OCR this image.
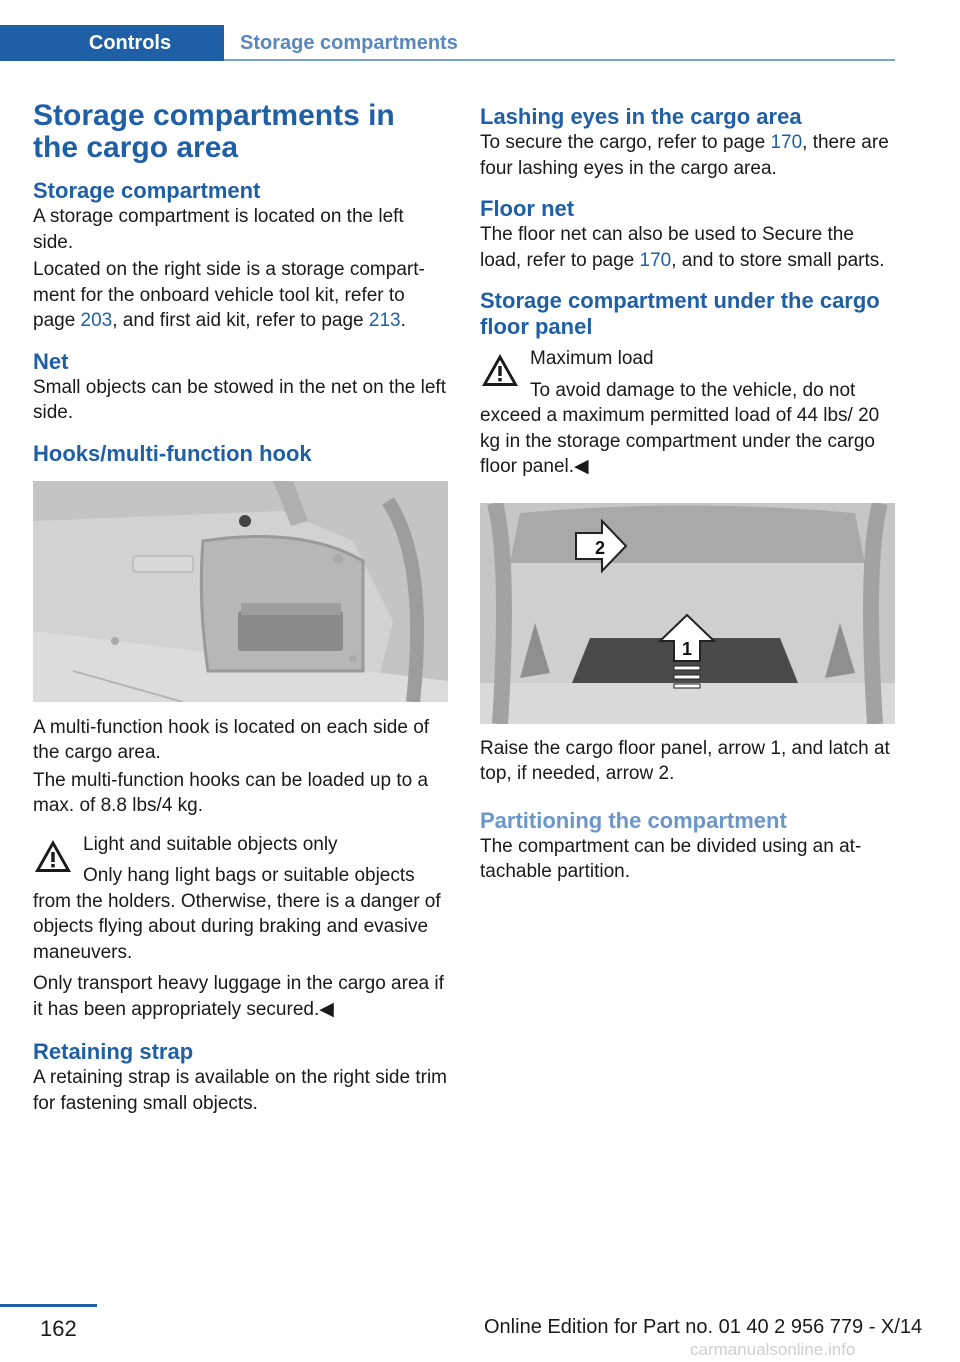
Controls	Storage compartments
Storage compartments in the cargo area
Storage compartment

A storage compartment is located on the left side.

Located on the right side is a storage compartment for the onboard vehicle tool kit, refer to page 203, and first aid kit, refer to page 213.

Net

Small objects can be stowed in the net on the left side.

Hooks/multi-function hook

A multi-function hook is located on each side of the cargo area.

The multi-function hooks can be loaded up to a max. of 8.8 lbs/4 kg.

Light and suitable objects only

Only hang light bags or suitable objects from the holders. Otherwise, there is a danger of objects flying about during braking and evasive maneuvers.

Only transport heavy luggage in the cargo area if it has been appropriately secured.◀

Retaining strap

A retaining strap is available on the right side trim for fastening small objects.

Lashing eyes in the cargo area

To secure the cargo, refer to page 170, there are four lashing eyes in the cargo area.

Floor net

The floor net can also be used to Secure the load, refer to page 170, and to store small parts.

Storage compartment under the cargo floor panel
Maximum load

To avoid damage to the vehicle, do not exceed a maximum permitted load of 44 lbs/ 20 kg in the storage compartment under the cargo floor panel.◀

1
2

Raise the cargo floor panel, arrow 1, and latch at top, if needed, arrow 2.

Partitioning the compartment

The compartment can be divided using an attachable partition.

162	Online Edition for Part no. 01 40 2 956 779 - X/14
carmanualsonline.info
